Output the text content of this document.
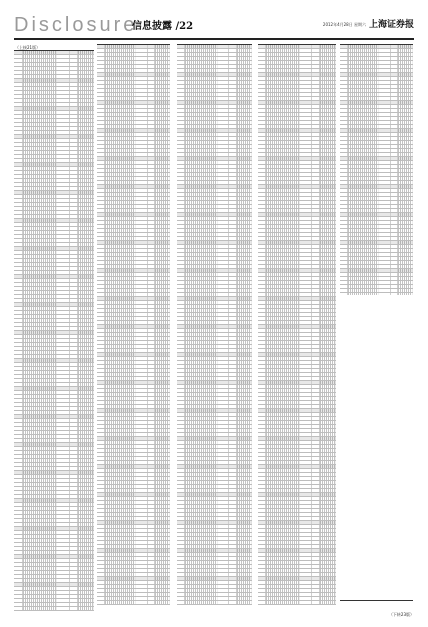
Disclosure
信息披露 /22	2012年4月28日 星期六 上海证券报
（上接21版）
（下转23版）
